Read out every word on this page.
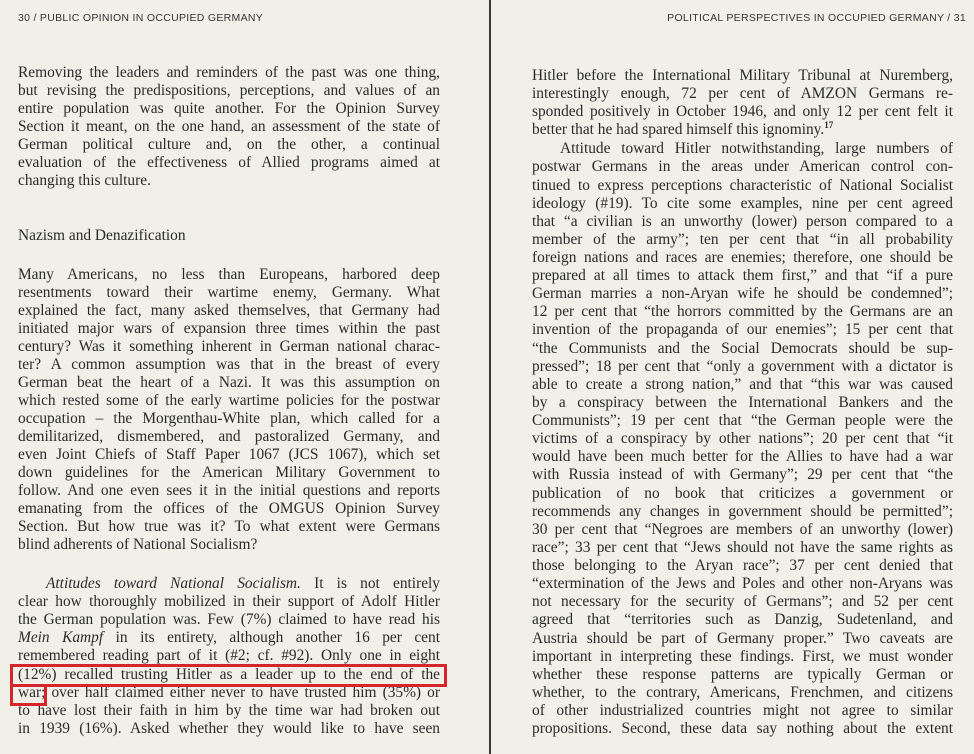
30 / PUBLIC OPINION IN OCCUPIED GERMANY
Removing the leaders and reminders of the past was one thing,
but revising the predispositions, perceptions, and values of an
entire population was quite another. For the Opinion Survey
Section it meant, on the one hand, an assessment of the state of
German political culture and, on the other, a continual
evaluation of the effectiveness of Allied programs aimed at
changing this culture.
Nazism and Denazification
Many Americans, no less than Europeans, harbored deep
resentments toward their wartime enemy, Germany. What
explained the fact, many asked themselves, that Germany had
initiated major wars of expansion three times within the past
century? Was it something inherent in German national charac-
ter? A common assumption was that in the breast of every
German beat the heart of a Nazi. It was this assumption on
which rested some of the early wartime policies for the postwar
occupation – the Morgenthau-White plan, which called for a
demilitarized, dismembered, and pastoralized Germany, and
even Joint Chiefs of Staff Paper 1067 (JCS 1067), which set
down guidelines for the American Military Government to
follow. And one even sees it in the initial questions and reports
emanating from the offices of the OMGUS Opinion Survey
Section. But how true was it? To what extent were Germans
blind adherents of National Socialism?
Attitudes toward National Socialism. It is not entirely
clear how thoroughly mobilized in their support of Adolf Hitler
the German population was. Few (7%) claimed to have read his
Mein Kampf in its entirety, although another 16 per cent
remembered reading part of it (#2; cf. #92). Only one in eight
(12%) recalled trusting Hitler as a leader up to the end of the
war; over half claimed either never to have trusted him (35%) or
to have lost their faith in him by the time war had broken out
in 1939 (16%). Asked whether they would like to have seen
POLITICAL PERSPECTIVES IN OCCUPIED GERMANY / 31
Hitler before the International Military Tribunal at Nuremberg,
interestingly enough, 72 per cent of AMZON Germans re-
sponded positively in October 1946, and only 12 per cent felt it
better that he had spared himself this ignominy.$^{17}$
Attitude toward Hitler notwithstanding, large numbers of
postwar Germans in the areas under American control con-
tinued to express perceptions characteristic of National Socialist
ideology (#19). To cite some examples, nine per cent agreed
that “a civilian is an unworthy (lower) person compared to a
member of the army”; ten per cent that “in all probability
foreign nations and races are enemies; therefore, one should be
prepared at all times to attack them first,” and that “if a pure
German marries a non-Aryan wife he should be condemned”;
12 per cent that “the horrors committed by the Germans are an
invention of the propaganda of our enemies”; 15 per cent that
“the Communists and the Social Democrats should be sup-
pressed”; 18 per cent that “only a government with a dictator is
able to create a strong nation,” and that “this war was caused
by a conspiracy between the International Bankers and the
Communists”; 19 per cent that “the German people were the
victims of a conspiracy by other nations”; 20 per cent that “it
would have been much better for the Allies to have had a war
with Russia instead of with Germany”; 29 per cent that “the
publication of no book that criticizes a government or
recommends any changes in government should be permitted”;
30 per cent that “Negroes are members of an unworthy (lower)
race”; 33 per cent that “Jews should not have the same rights as
those belonging to the Aryan race”; 37 per cent denied that
“extermination of the Jews and Poles and other non-Aryans was
not necessary for the security of Germans”; and 52 per cent
agreed that “territories such as Danzig, Sudetenland, and
Austria should be part of Germany proper.” Two caveats are
important in interpreting these findings. First, we must wonder
whether these response patterns are typically German or
whether, to the contrary, Americans, Frenchmen, and citizens
of other industrialized countries might not agree to similar
propositions. Second, these data say nothing about the extent
